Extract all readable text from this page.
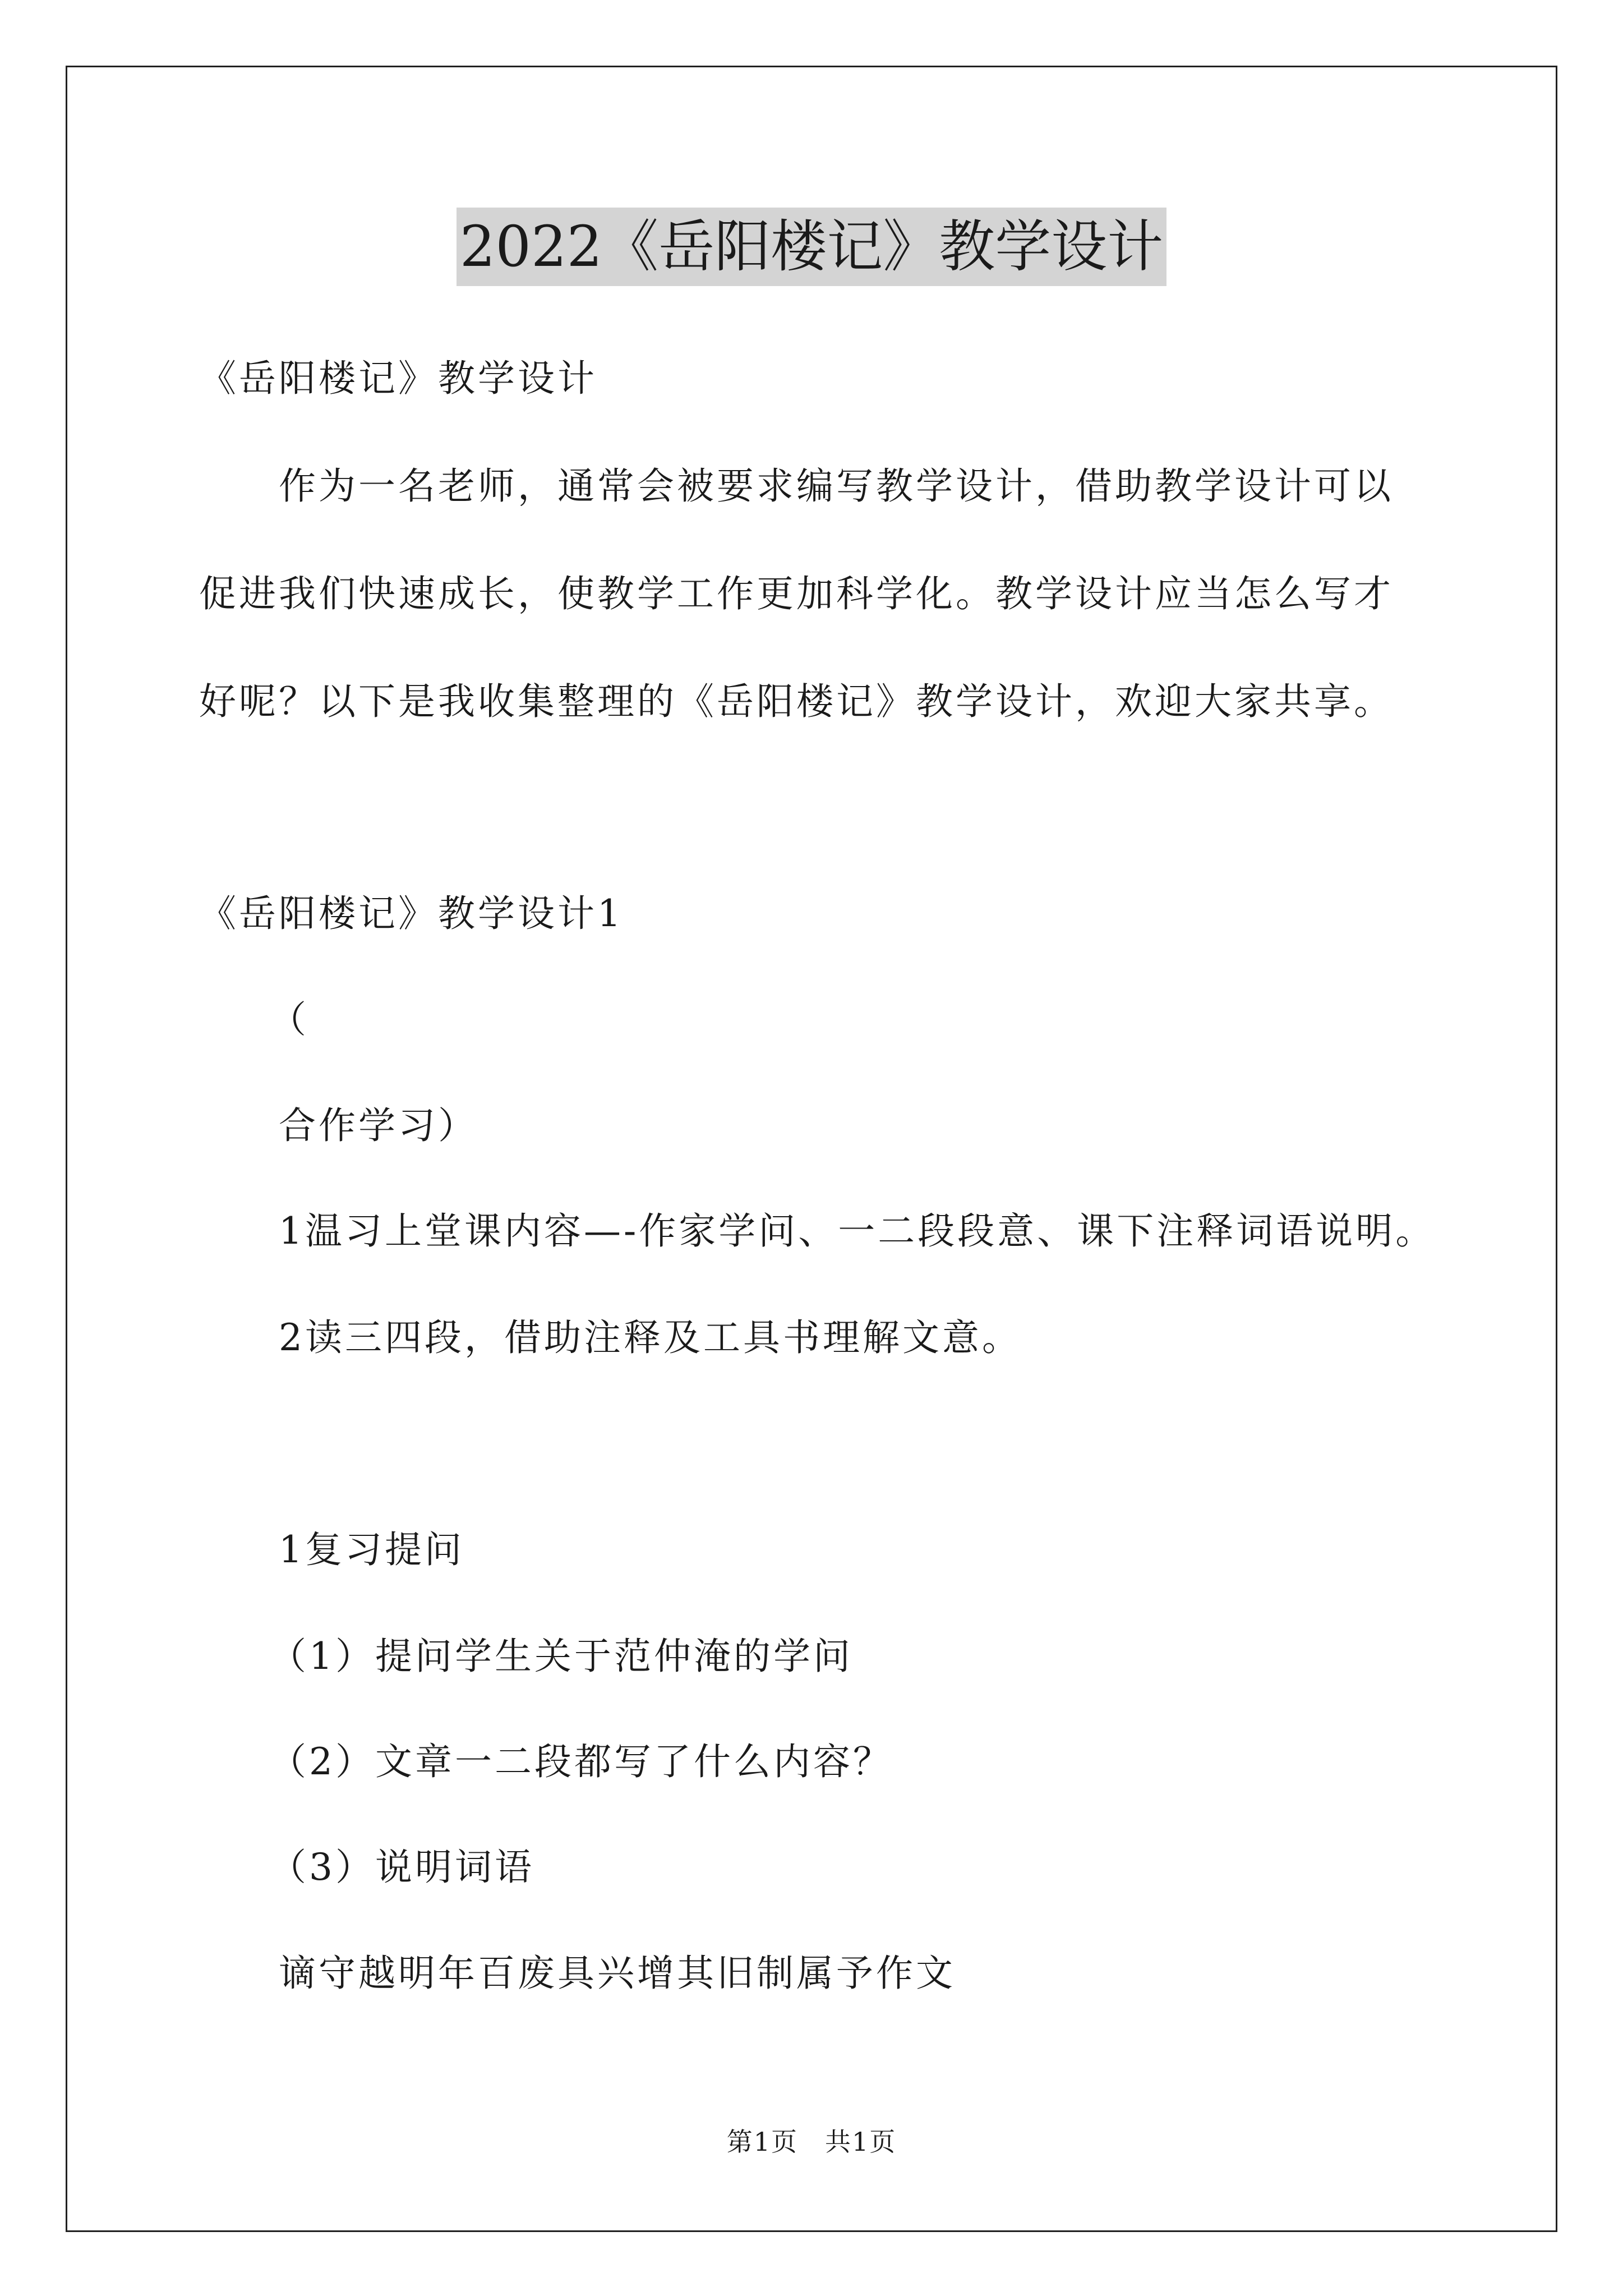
2022《岳阳楼记》教学设计
《岳阳楼记》教学设计
作为一名老师，通常会被要求编写教学设计，借助教学设计可以
促进我们快速成长，使教学工作更加科学化。教学设计应当怎么写才
好呢？以下是我收集整理的《岳阳楼记》教学设计，欢迎大家共享。
《岳阳楼记》教学设计1
（
合作学习）
1温习上堂课内容—-作家学问、一二段段意、课下注释词语说明。
2读三四段，借助注释及工具书理解文意。
1复习提问
（1）提问学生关于范仲淹的学问
（2）文章一二段都写了什么内容？
（3）说明词语
谪守越明年百废具兴增其旧制属予作文
第1页　共1页
